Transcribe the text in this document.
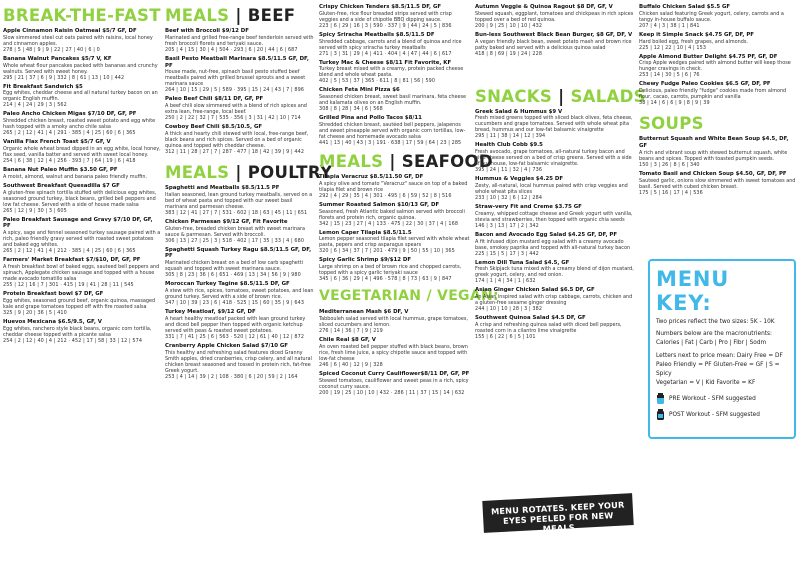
BREAK-THE-FAST
Apple Cinnamon Raisin Oatmeal $5/7 GF, DF
Slow simmered steel cut oats paired with raisins, local honey and cinnamon apples.
278 | 5 | 48 | 9 | 9 | 22 | 27 | 40 | 6 | 0
Banana Walnut Pancakes $5/7 V, KF
Whole wheat flour pancakes packed with bananas and crunchy walnuts. Served with sweet honey.
295 | 21 | 37 | 6 | 9 | 332 | 8 | 61 | 13 | 10 | 442
Fit Breakfast Sandwich $5
Egg whites, cheddar cheese and all natural turkey bacon on an organic English muffin.
214 | 4 | 24 | 29 | 3 | 562
Paleo Ancho Chicken Migas $7/10 DF, GF, PF
Shredded chicken breast, roasted sweet potato and egg white hash topped with a smoky ancho chile salsa
265 | 2 | 12 | 41 | 4 | 291 · 385 | 4 | 25 | 60 | 6 | 365
Vanilla Flax French Toast $5/7 GF, V
Organic whole wheat bread dipped in an egg white, local honey, flax seed, vanilla batter and served with sweet local honey.
254 | 6 | 38 | 12 | 4 | 256 · 393 | 7 | 64 | 19 | 6 | 418
Banana Nut Paleo Muffin $3.50 GF, PF
A moist, almond, walnut and banana paleo friendly muffin.
Southwest Breakfast Quesadilla $7 GF
A gluten-free spinach tortilla stuffed with delicious egg whites, seasoned ground turkey, black beans, grilled bell peppers and low fat cheese. Served with a side of house made salsa
265 | 12 | 9 | 30 | 3 | 605
Paleo Breakfast Sausage and Gravy $7/10 DF, GF, PF
A spicy, sage and fennel seasoned turkey sausage paired with a rich, paleo friendly gravy served with roasted sweet potatoes and baked egg whites.
265 | 2 | 12 | 41 | 4 | 212 · 385 | 4 | 25 | 60 | 6 | 365
Farmers' Market Breakfast $7/$10, DF, GF, PF
A fresh breakfast bowl of baked eggs, sauteed bell peppers and spinach, Applegate chicken sausage and topped with a house made avocado tomatillo salsa
255 | 12 | 16 | 7 | 301 · 415 | 19 | 41 | 28 | 11 | 545
Protein Breakfast bowl $7 DF, GF
Egg whites, seasoned ground beef, organic quinoa, massaged kale and grape tomatoes topped off with fire roasted salsa
325 | 9 | 20 | 36 | 5 | 410
Huevos Mexicana $6.5/9.5, GF, V
Egg whites, ranchero style black beans, organic corn tortilla, cheddar cheese topped with a picante salsa
254 | 2 | 12 | 40 | 4 | 212 · 452 | 17 | 58 | 33 | 12 | 574
MEALS | BEEF
Beef with Broccoli $9/12 DF
Marinated and grilled free-range beef tenderloin served with fresh broccoli florets and teriyaki sauce.
205 | 4 | 15 | 30 | 4 | 504 · 293 | 6 | 20 | 44 | 6 | 687
Basil Pesto Meatball Marinara $8.5/11.5 GF, DF, PF
House made, nut-free, spinach basil pesto stuffed beef meatballs paired with grilled brussel sprouts and a sweet marinara sauce
264 | 10 | 15 | 29 | 5 | 589 · 395 | 15 | 24 | 43 | 7 | 896
Paleo Beef Chili $8/11 DF, GF, PF
A beef chili slow simmered with a blend of rich spices and extra lean, free-range, local beef.
250 | 2 | 22 | 32 | 7 | 535 · 356 | 3 | 31 | 42 | 10 | 714
Cowboy Beef Chili $8.5/10.5, GF
A thick and hearty chili stewed with local, free-range beef, black beans and rich spices. Served on a bed of organic quinoa and topped with cheddar cheese.
312 | 11 | 28 | 27 | 7 | 287 · 477 | 18 | 42 | 39 | 9 | 442
MEALS | POULTRY
Spaghetti and Meatballs $8.5/11.5 PF
Italian seasoned, lean ground turkey meatballs, served on a bed of wheat pasta and topped with our sweet basil marinara and parmesan cheese.
383 | 12 | 41 | 27 | 7 | 531 · 602 | 18 | 63 | 45 | 11 | 651
Chicken Parmesan $9/12 GF, Fit Favorite
Gluten-free, breaded chicken breast with sweet marinara sauce & parmesan. Served with broccoli.
306 | 13 | 27 | 25 | 3 | 518 · 402 | 17 | 35 | 33 | 4 | 680
Spaghetti Squash Turkey Ragu $8.5/11.5 GF, DF, PF
Marinated chicken breast on a bed of low carb spaghetti squash and topped with sweet marinara sauce.
305 | 8 | 23 | 36 | 6 | 651 · 469 | 13 | 34 | 56 | 9 | 980
Moroccan Turkey Tagine $8.5/11.5 DF, GF
A stew with rice, spices, tomatoes, sweet potatoes, and lean ground turkey. Served with a side of brown rice.
347 | 10 | 39 | 23 | 6 | 418 · 525 | 15 | 60 | 35 | 9 | 643
Turkey Meatloaf, $9/12 GF, DF
A heart healthy meatloaf packed with lean ground turkey and diced bell pepper then topped with organic ketchup served with peas & roasted sweet potatoes.
331 | 7 | 41 | 25 | 6 | 563 · 520 | 12 | 61 | 40 | 12 | 872
Cranberry Apple Chicken Salad $7/10 GF
This healthy and refreshing salad features diced Granny Smith apples, dried cranberries, crisp celery, and all natural chicken breast seasoned and tossed in protein rich, fat-free Greek yogurt.
253 | 4 | 14 | 39 | 2 | 108 · 380 | 6 | 20 | 59 | 2 | 164
Crispy Chicken Tenders $8.5/11.5 DF, GF
Gluten-free, rice flour breaded strips served with crisp veggies and a side of chipotle BBQ dipping sauce.
223 | 6 | 29 | 16 | 3 | 590 · 337 | 9 | 44 | 24 | 5 | 836
Spicy Sriracha Meatballs $8.5/11.5 DF
Shredded cabbage, carrots and a blend of quinoa and rice served with spicy sriracha turkey meatballs
271 | 3 | 31 | 29 | 4 | 411 · 404 | 4 | 47 | 44 | 6 | 617
Turkey Mac & Cheese $8/11 Fit Favorite, KF
Turkey breast mixed with a creamy, protein packed cheese blend and whole wheat pasta.
402 | 5 | 53 | 37 | 365 · 611 | 8 | 81 | 56 | 590
Chicken Feta Mini Pizza $6
Seasoned chicken breast, sweet basil marinara, feta cheese and kalamata olives on an English muffin.
308 | 8 | 28 | 34 | 6 | 568
Grilled Pina and Pollo Tacos $8/11
Shredded chicken breast, sautéed bell peppers, jalapenos and sweet pineapple served with organic corn tortillas, low-fat cheese and homemade avocado salsa
441 | 13 | 40 | 43 | 3 | 191 · 638 | 17 | 59 | 64 | 23 | 285
MEALS | SEAFOOD
Tilapia Veracruz $8.5/11.50 GF, DF
A spicy olive and tomato "Veracruz" sauce on top of a baked tilapia filet and brown rice
292 | 4 | 29 | 35 | 4 | 301 · 495 | 6 | 59 | 52 | 8 | 516
Summer Roasted Salmon $10/13 GF, DF
Seasoned, fresh Atlantic baked salmon served with broccoli florets and protein rich, organic quinoa.
342 | 15 | 23 | 27 | 4 | 133 · 475 | 22 | 30 | 37 | 4 | 168
Lemon Caper Tilapia $8.5/11.5
Lemon pepper seasoned tilapia filet served with whole wheat pasta, pepers and crisp asparagus spears
320 | 6 | 34 | 37 | 7 | 201 · 479 | 9 | 50 | 55 | 10 | 365
Spicy Garlic Shrimp $9/$12 DF
Large shrimp on a bed of brown rice and chopped carrots, topped with a spicy garlic teriyaki sauce
345 | 6 | 36 | 29 | 4 | 496 · 578 | 8 | 73 | 63 | 9 | 847
VEGETARIAN / VEGAN:
Mediterranean Mash $6 DF, V
Tabbouleh salad served with local hummus, grape tomatoes, sliced cucumbers and lemon.
276 | 14 | 36 | 7 | 9 | 219
Chile Real $8 GF, V
An oven roasted bell pepper stuffed with black beans, brown rice, fresh lime juice, a spicy chipotle sauce and topped with low-fat cheese
246 | 6 | 40 | 12 | 9 | 328
Spiced Coconut Curry Cauliflower$8/11 DF, GF, PF
Stewed tomatoes, cauliflower and sweet peas in a rich, spicy coconut curry sauce.
200 | 19 | 25 | 10 | 10 | 432 · 286 | 11 | 37 | 15 | 14 | 632
Autumn Veggie & Quinoa Ragout $8 DF, GF, V
Stewed squash, eggplant, tomatoes and chickpeas in rich spices topped over a bed of red quinoa.
200 | 9 | 25 | 10 | 10 | 432
Bun-less Southwest Black Bean Burger, $8 GF, DF, V
A vegan friendly black bean, sweet potato mash and brown rice patty baked and served with a delicious quinoa salad
418 | 8 | 69 | 19 | 24 | 228
SNACKS | SALADS
Greek Salad & Hummus $9 V
Fresh mixed greens topped with sliced black olives, feta cheese, cucumbers and grape tomatoes. Served with whole wheat pita bread, hummus and our low-fat balsamic vinaigrette
295 | 11 | 38 | 14 | 12 | 394
Health Club Cobb $9.5
Fresh avocado, grape tomatoes, all-natural turkey bacon and blue cheese served on a bed of crisp greens. Served with a side of our house, low-fat balsamic vinaigrette.
395 | 24 | 11 | 32 | 4 | 736
Hummus & Veggies $4.25 DF
Zesty, all-natural, local hummus paired with crisp veggies and whole wheat pita slices
233 | 10 | 32 | 6 | 12 | 284
Straw-very Fit and Creme $3.75 GF
Creamy, whipped cottage cheese and Greek yogurt with vanilla, stevia and strawberries, then topped with organic chia seeds
146 | 3 | 13 | 17 | 2 | 342
Bacon and Avocado Egg Salad $4.25 GF, DF, PF
A fit infused dijon mustard egg salad with a creamy avocado base, smokey paprika and topped with all-natural turkey bacon
225 | 15 | 5 | 17 | 3 | 442
Lemon Dill Tuna Salad $4.5, GF
Fresh Skipjack tuna mixed with a creamy blend of dijon mustard, greek yogurt, celery, and red onion.
174 | 1 | 4 | 34 | 1 | 632
Asian Ginger Chicken Salad $6.5 DF, GF
An Asian inspired salad with crisp cabbage, carrots, chicken and a gluten-free sesame ginger dressing
244 | 10 | 10 | 28 | 3 | 382
Southwest Quinoa Salad $4.5 DF, GF
A crisp and refreshing quinoa salad with diced bell peppers, roasted corn in a cilantro lime vinaigrette
155 | 6 | 22 | 6 | 5 | 101
Buffalo Chicken Salad $5.5 GF
Chicken salad featuring Greek yogurt, celery, carrots and a tangy in-house buffalo sauce.
207 | 4 | 3 | 38 | 1 | 841
Keep it Simple Snack $4.75 GF, DF, PF
Hard boiled egg, fresh grapes, and almonds.
225 | 12 | 22 | 10 | 4 | 153
Apple Almond Butter Delight $4.75 PF, GF, DF
Crisp Apple wedges paired with almond butter will keep those hunger cravings in check.
253 | 14 | 30 | 5 | 6 | 76
Chewy Fudge Paleo Cookies $6.5 GF, DF, PF
Delicious, paleo friendly "fudge" cookies made from almond flour, cacao, carrots, pumpkin and vanilla
38 | 14 | 6 | 6 | 9 | 8 | 9 | 39
SOUPS
Butternut Squash and White Bean Soup $4.5, DF, GF
A rich and vibrant soup with stewed butternut squash, white beans and spices. Topped with toasted pumpkin seeds.
150 | 3 | 26 | 8 | 6 | 340
Tomato Basil and Chicken Soup $4.50, GF, DF, PF
Sauteed garlic, onions slow simmered with sweet tomatoes and basil. Served with cubed chicken breast.
175 | 5 | 16 | 17 | 4 | 536
MENU KEY:
Two prices reflect the two sizes: 5K - 10K
Numbers below are the macronutrients:
Calories | Fat | Carb | Pro | Fibr | Sodm
Letters next to price mean: Dairy Free = DF
Paleo Friendly = PF Gluten-Free = GF | S = Spicy
Vegetarian = V | Kid Favorite = KF
PRE Workout - SFM suggested
POST Workout - SFM suggested
MENU ROTATES. KEEP YOUR EYES PEELED FOR NEW MEALS
